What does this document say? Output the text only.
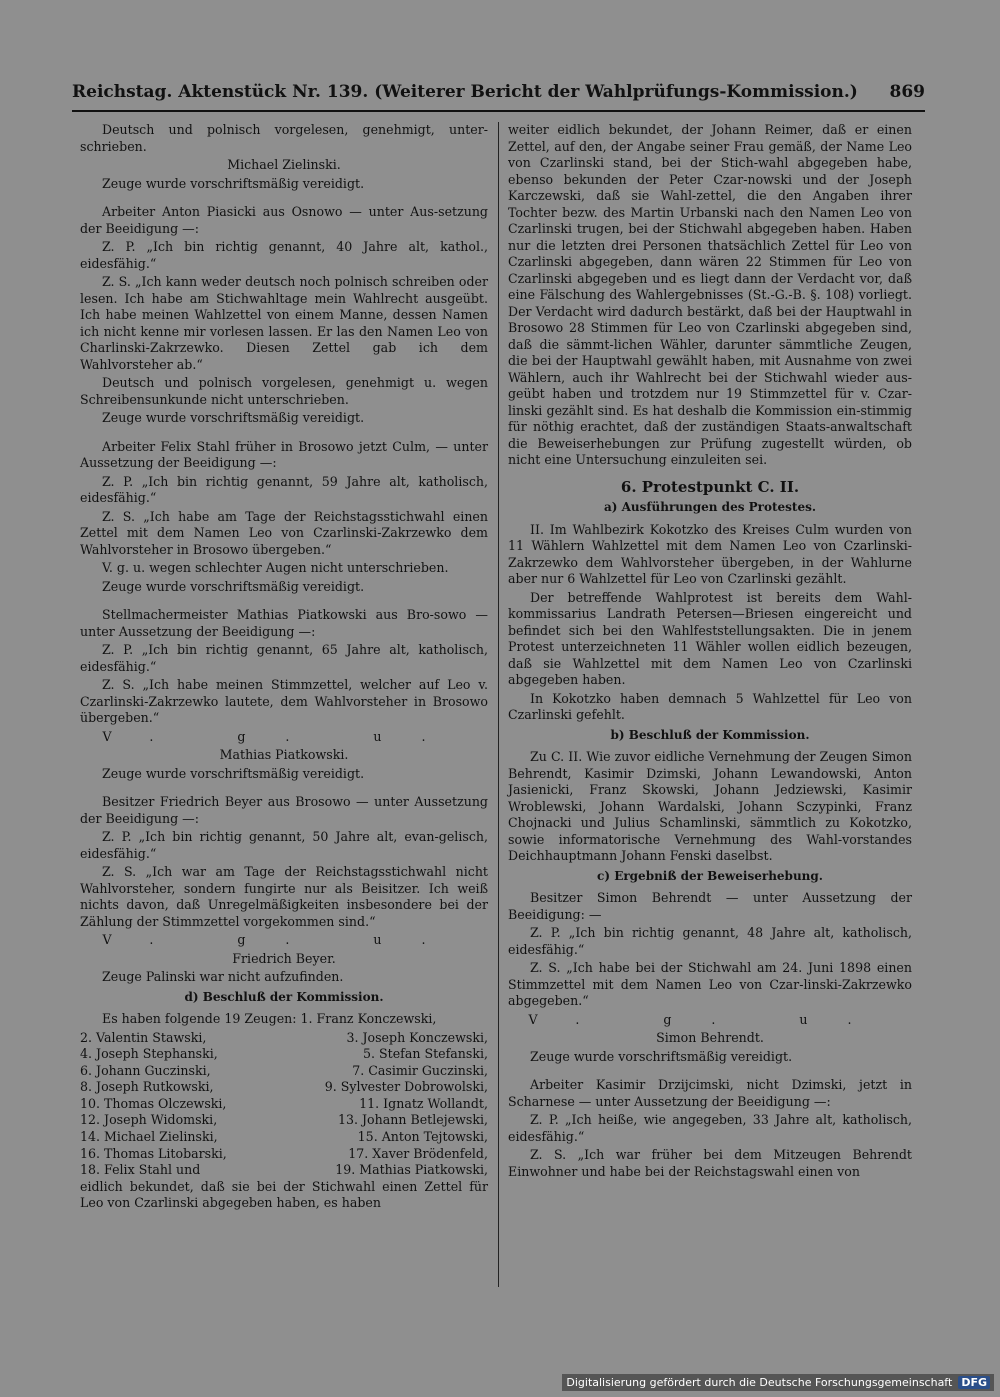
Reichstag. Aktenstück Nr. 139. (Weiterer Bericht der Wahlprüfungs-Kommission.) 869

Deutsch und polnisch vorgelesen, genehmigt, unter-schrieben.

Michael Zielinski.

Zeuge wurde vorschriftsmäßig vereidigt.

Arbeiter Anton Piasicki aus Osnowo — unter Aus-setzung der Beeidigung —:

Z. P. „Ich bin richtig genannt, 40 Jahre alt, kathol., eidesfähig.“

Z. S. „Ich kann weder deutsch noch polnisch schreiben oder lesen. Ich habe am Stichwahltage mein Wahlrecht ausgeübt. Ich habe meinen Wahlzettel von einem Manne, dessen Namen ich nicht kenne mir vorlesen lassen. Er las den Namen Leo von Charlinski-Zakrzewko. Diesen Zettel gab ich dem Wahlvorsteher ab.“

Deutsch und polnisch vorgelesen, genehmigt u. wegen Schreibensunkunde nicht unterschrieben.

Zeuge wurde vorschriftsmäßig vereidigt.

Arbeiter Felix Stahl früher in Brosowo jetzt Culm, — unter Aussetzung der Beeidigung —:

Z. P. „Ich bin richtig genannt, 59 Jahre alt, katholisch, eidesfähig.“

Z. S. „Ich habe am Tage der Reichstagsstichwahl einen Zettel mit dem Namen Leo von Czarlinski-Zakrzewko dem Wahlvorsteher in Brosowo übergeben.“

V. g. u. wegen schlechter Augen nicht unterschrieben.

Zeuge wurde vorschriftsmäßig vereidigt.

Stellmachermeister Mathias Piatkowski aus Bro-sowo — unter Aussetzung der Beeidigung —:

Z. P. „Ich bin richtig genannt, 65 Jahre alt, katholisch, eidesfähig.“

Z. S. „Ich habe meinen Stimmzettel, welcher auf Leo v. Czarlinski-Zakrzewko lautete, dem Wahlvorsteher in Brosowo übergeben.“

V. g. u.

Mathias Piatkowski.

Zeuge wurde vorschriftsmäßig vereidigt.

Besitzer Friedrich Beyer aus Brosowo — unter Aussetzung der Beeidigung —:

Z. P. „Ich bin richtig genannt, 50 Jahre alt, evan-gelisch, eidesfähig.“

Z. S. „Ich war am Tage der Reichstagsstichwahl nicht Wahlvorsteher, sondern fungirte nur als Beisitzer. Ich weiß nichts davon, daß Unregelmäßigkeiten insbesondere bei der Zählung der Stimmzettel vorgekommen sind.“

V. g. u.

Friedrich Beyer.

Zeuge Palinski war nicht aufzufinden.

d) Beschluß der Kommission.

Es haben folgende 19 Zeugen: 1. Franz Konczewski,

2. Valentin Stawski,	3. Joseph Konczewski,
4. Joseph Stephanski,	5. Stefan Stefanski,
6. Johann Guczinski,	7. Casimir Guczinski,
8. Joseph Rutkowski,	9. Sylvester Dobrowolski,
10. Thomas Olczewski,	11. Ignatz Wollandt,
12. Joseph Widomski,	13. Johann Betlejewski,
14. Michael Zielinski,	15. Anton Tejtowski,
16. Thomas Litobarski,	17. Xaver Brödenfeld,
18. Felix Stahl und	19. Mathias Piatkowski,

eidlich bekundet, daß sie bei der Stichwahl einen Zettel für Leo von Czarlinski abgegeben haben, es haben

weiter eidlich bekundet, der Johann Reimer, daß er einen Zettel, auf den, der Angabe seiner Frau gemäß, der Name Leo von Czarlinski stand, bei der Stich-wahl abgegeben habe, ebenso bekunden der Peter Czar-nowski und der Joseph Karczewski, daß sie Wahl-zettel, die den Angaben ihrer Tochter bezw. des Martin Urbanski nach den Namen Leo von Czarlinski trugen, bei der Stichwahl abgegeben haben. Haben nur die letzten drei Personen thatsächlich Zettel für Leo von Czarlinski abgegeben, dann wären 22 Stimmen für Leo von Czarlinski abgegeben und es liegt dann der Verdacht vor, daß eine Fälschung des Wahlergebnisses (St.-G.-B. §. 108) vorliegt. Der Verdacht wird dadurch bestärkt, daß bei der Hauptwahl in Brosowo 28 Stimmen für Leo von Czarlinski abgegeben sind, daß die sämmt-lichen Wähler, darunter sämmtliche Zeugen, die bei der Hauptwahl gewählt haben, mit Ausnahme von zwei Wählern, auch ihr Wahlrecht bei der Stichwahl wieder aus-geübt haben und trotzdem nur 19 Stimmzettel für v. Czar-linski gezählt sind. Es hat deshalb die Kommission ein-stimmig für nöthig erachtet, daß der zuständigen Staats-anwaltschaft die Beweiserhebungen zur Prüfung zugestellt würden, ob nicht eine Untersuchung einzuleiten sei.

6. Protestpunkt C. II.
a) Ausführungen des Protestes.

II. Im Wahlbezirk Kokotzko des Kreises Culm wurden von 11 Wählern Wahlzettel mit dem Namen Leo von Czarlinski-Zakrzewko dem Wahlvorsteher übergeben, in der Wahlurne aber nur 6 Wahlzettel für Leo von Czarlinski gezählt.

Der betreffende Wahlprotest ist bereits dem Wahl-kommissarius Landrath Petersen—Briesen eingereicht und befindet sich bei den Wahlfeststellungsakten. Die in jenem Protest unterzeichneten 11 Wähler wollen eidlich bezeugen, daß sie Wahlzettel mit dem Namen Leo von Czarlinski abgegeben haben.

In Kokotzko haben demnach 5 Wahlzettel für Leo von Czarlinski gefehlt.

b) Beschluß der Kommission.

Zu C. II. Wie zuvor eidliche Vernehmung der Zeugen Simon Behrendt, Kasimir Dzimski, Johann Lewandowski, Anton Jasienicki, Franz Skowski, Johann Jedziewski, Kasimir Wroblewski, Johann Wardalski, Johann Sczypinki, Franz Chojnacki und Julius Schamlinski, sämmtlich zu Kokotzko, sowie informatorische Vernehmung des Wahl-vorstandes Deichhauptmann Johann Fenski daselbst.

c) Ergebniß der Beweiserhebung.

Besitzer Simon Behrendt — unter Aussetzung der Beeidigung: —

Z. P. „Ich bin richtig genannt, 48 Jahre alt, katholisch, eidesfähig.“

Z. S. „Ich habe bei der Stichwahl am 24. Juni 1898 einen Stimmzettel mit dem Namen Leo von Czar-linski-Zakrzewko abgegeben.“

V. g. u.

Simon Behrendt.

Zeuge wurde vorschriftsmäßig vereidigt.

Arbeiter Kasimir Drzijcimski, nicht Dzimski, jetzt in Scharnese — unter Aussetzung der Beeidigung —:

Z. P. „Ich heiße, wie angegeben, 33 Jahre alt, katholisch, eidesfähig.“

Z. S. „Ich war früher bei dem Mitzeugen Behrendt Einwohner und habe bei der Reichstagswahl einen von

Digitalisierung gefördert durch die Deutsche Forschungsgemeinschaft DFG
